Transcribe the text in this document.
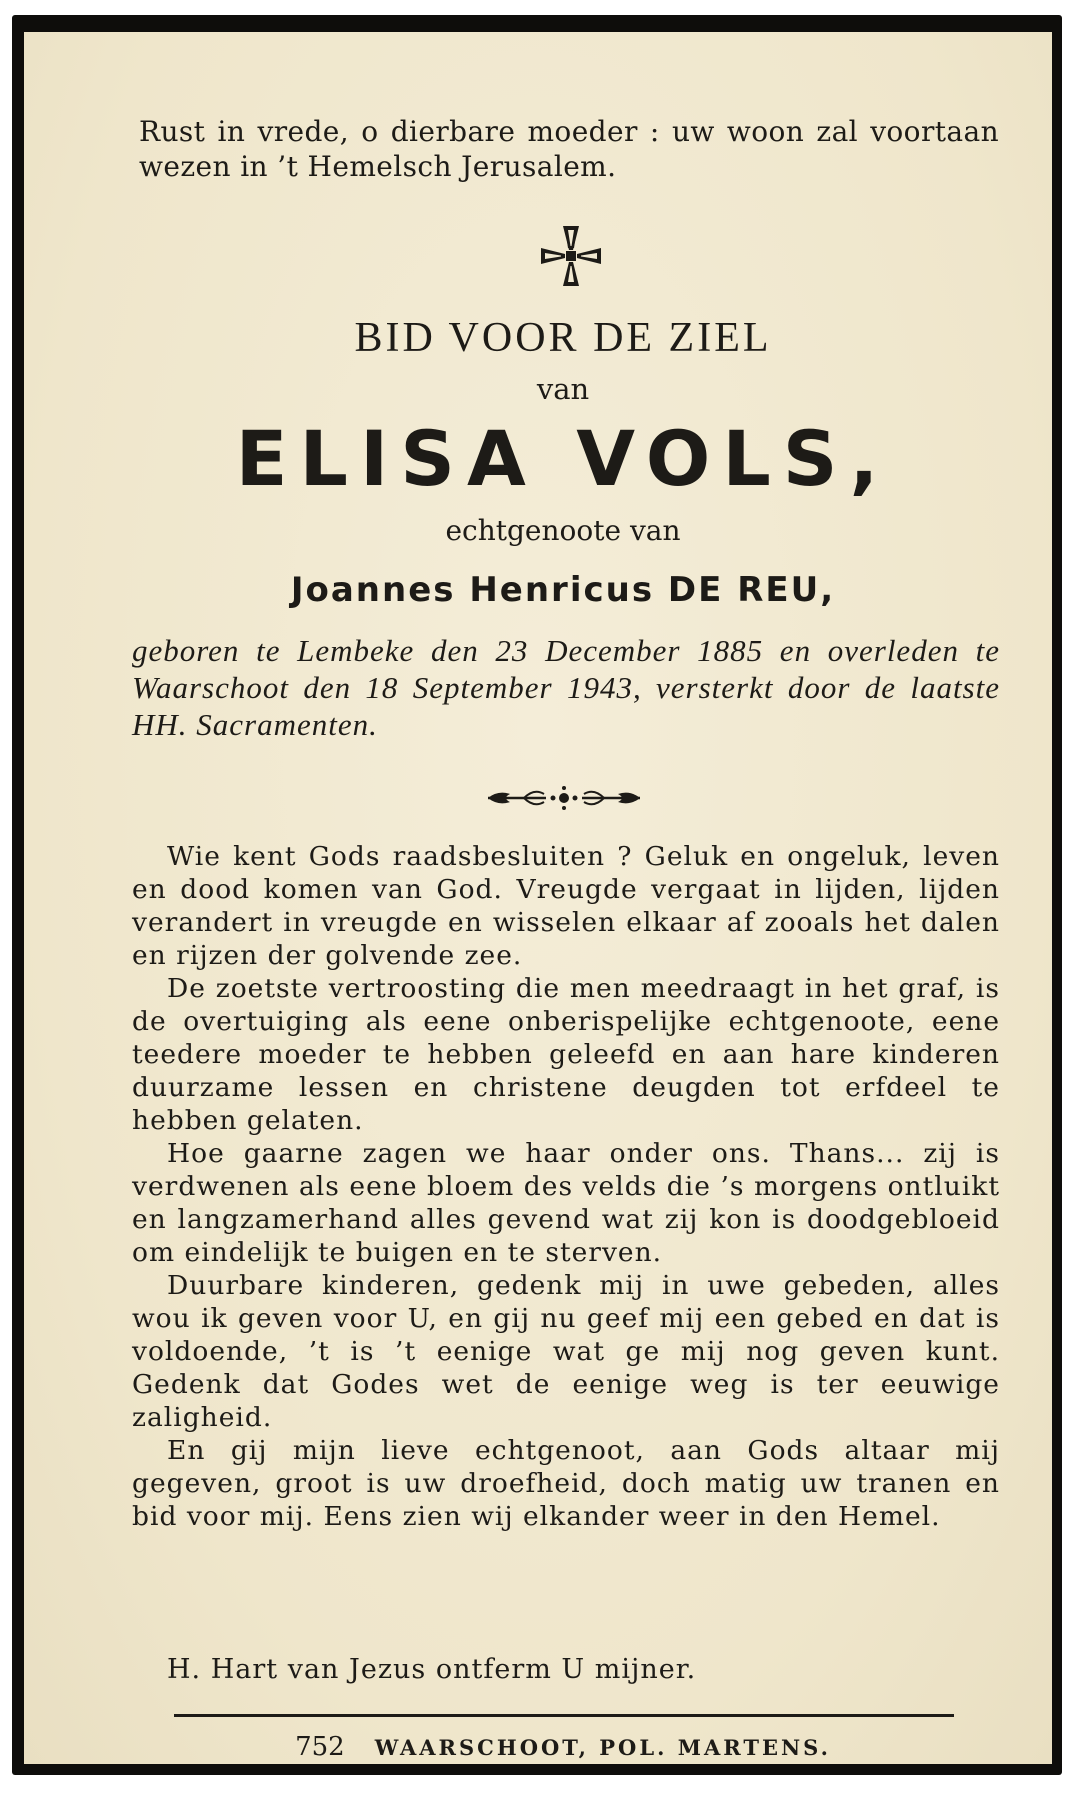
Rust in vrede, o dierbare moeder : uw woon zal voortaan wezen in ’t Hemelsch Jerusalem.
BID VOOR DE ZIEL
van
ELISA VOLS,
echtgenoote van
Joannes Henricus DE REU,
geboren te Lembeke den 23 December 1885 en overleden te Waarschoot den 18 September 1943, versterkt door de laatste HH. Sacramenten.

Wie kent Gods raadsbesluiten ? Geluk en ongeluk, leven en dood komen van God. Vreugde vergaat in lijden, lijden verandert in vreugde en wisselen elkaar af zooals het dalen en rijzen der golvende zee.

De zoetste vertroosting die men meedraagt in het graf, is de overtuiging als eene onberispelijke echtgenoote, eene teedere moeder te hebben geleefd en aan hare kinderen duurzame lessen en christene deugden tot erfdeel te hebben gelaten.

Hoe gaarne zagen we haar onder ons. Thans... zij is verdwenen als eene bloem des velds die ’s morgens ontluikt en langzamerhand alles gevend wat zij kon is doodgebloeid om eindelijk te buigen en te sterven.

Duurbare kinderen, gedenk mij in uwe gebeden, alles wou ik geven voor U, en gij nu geef mij een gebed en dat is voldoende, ’t is ’t eenige wat ge mij nog geven kunt. Gedenk dat Godes wet de eenige weg is ter eeuwige zaligheid.

En gij mijn lieve echtgenoot, aan Gods altaar mij gegeven, groot is uw droefheid, doch matig uw tranen en bid voor mij. Eens zien wij elkander weer in den Hemel.

H. Hart van Jezus ontferm U mijner.
752 WAARSCHOOT, POL. MARTENS.
